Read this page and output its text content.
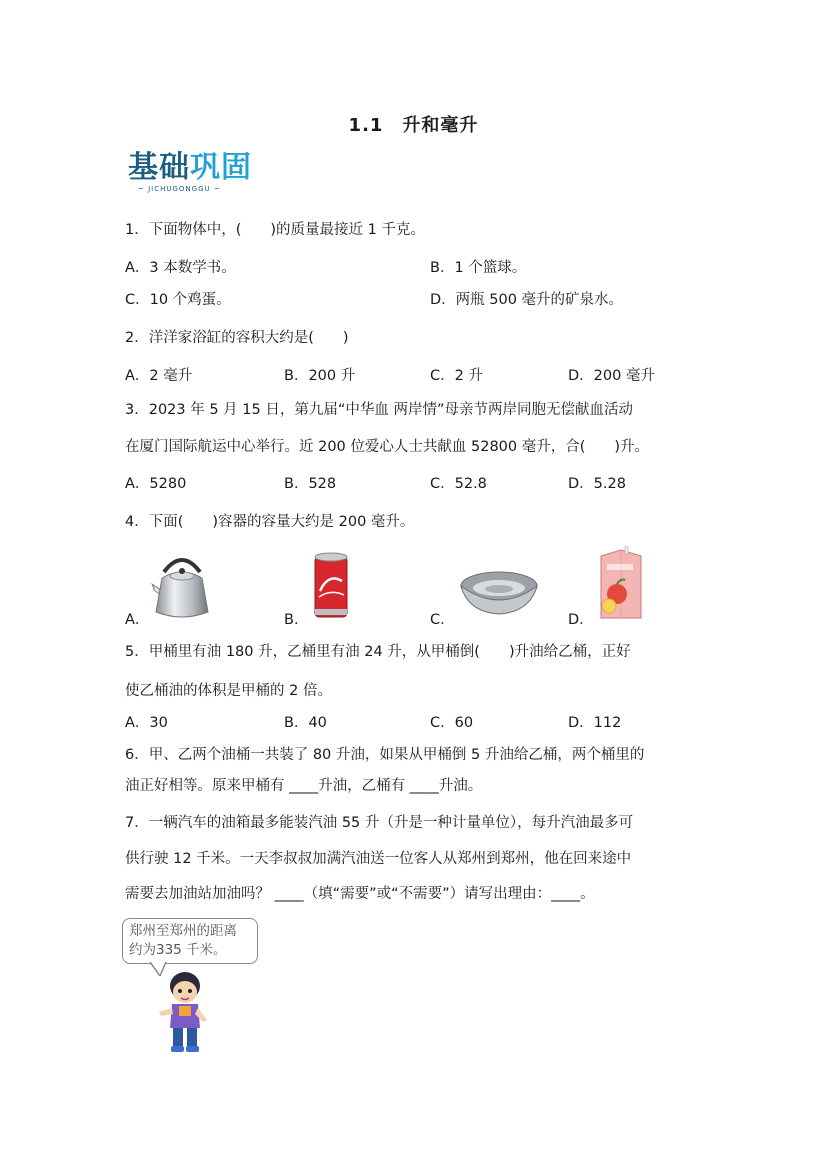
1.1　升和毫升
基础巩固
~ JICHUGONGGU ~
1．下面物体中，(　　)的质量最接近 1 千克。
A．3 本数学书。	B．1 个篮球。
C．10 个鸡蛋。	D．两瓶 500 毫升的矿泉水。
2．洋洋家浴缸的容积大约是(　　)
A．2 毫升	B．200 升	C．2 升	D．200 毫升
3．2023 年 5 月 15 日，第九届“中华血 两岸情”母亲节两岸同胞无偿献血活动
在厦门国际航运中心举行。近 200 位爱心人士共献血 52800 毫升，合(　　)升。
A．5280	B．528	C．52.8	D．5.28
4．下面(　　)容器的容量大约是 200 毫升。
A．	B．	C．	D．
5．甲桶里有油 180 升，乙桶里有油 24 升，从甲桶倒(　　)升油给乙桶，正好
使乙桶油的体积是甲桶的 2 倍。
A．30	B．40	C．60	D．112
6．甲、乙两个油桶一共装了 80 升油，如果从甲桶倒 5 升油给乙桶，两个桶里的
油正好相等。原来甲桶有 ____升油，乙桶有 ____升油。
7．一辆汽车的油箱最多能装汽油 55 升（升是一种计量单位），每升汽油最多可
供行驶 12 千米。一天李叔叔加满汽油送一位客人从郑州到郑州，他在回来途中
需要去加油站加油吗？ ____（填“需要”或“不需要”）请写出理由：____。
郑州至郑州的距离
约为335 千米。
